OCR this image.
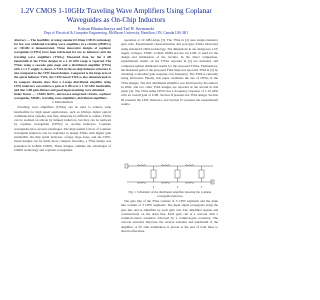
1.2V CMOS 1-10GHz Traveling Wave Amplifiers Using Coplanar
Waveguides as On-Chip Inductors
Kalyan Bhattacharyya and Tad H. Szymanski
Dept of Electrical & Computer Engineering, McMaster University, Hamilton, ON, Canada L8S 4K1

Abstract — The feasibility of using standard 0.18um CMOS technology for low cost wideband traveling wave amplifiers in a circuits (MMICs) at ~10GHz is demonstrated. Three innovative designs of coplanar waveguides (CPWs) have been fabricated for use as inductors and the traveling wave amplifiers (TWAs). Measured data for the 3 dB bandwidth of the TWAs designs in a 1-10 GHz range is reported. The TWAs using a cascode gain stage and a distributed amplifier (TWA) with a 1.2 V supply is shown. A TWA in the on-chip inductor structure is also compared to the CPW-based designs. Compared to the large area of the spiral inductor TWA, the CPW-based TWA is also demonstrated to be compact. Results show that a 3-stage distributed amplifier using CPW inductors can achieve a gain of 6 dB over a 1-10 GHz bandwidth, and that 3 dB gain flatness and good input matching were obtained.

Index Terms — CMOS RFIC, microwave integrated circuits, coplanar waveguides, MMIC, traveling wave amplifiers, distributed amplifiers.

I. Introduction

Traveling wave amplifiers (TWAs) can be used to achieve wide bandwidths for high speed applications, such as 10Gbps digital optical communication systems, that may otherwise be difficult to realize. TWAs can be realized on silicon by lumped inductors; but they can be replaced by coplanar waveguides (CPWs) as on-chip inductors. Coplanar waveguides have several advantages. The high quality factors of coplanar waveguide inductors can be exploited to design TWAs with higher gain bandwidth. On-chip spiral inductors occupy large areas, and the CPW-based designs can be made more compact. Recently, a TWA design was presented in 0.18um CMOS. These designs combine the advantages of CMOS technology and coplanar waveguides.

operation at 10 GHz-Gbps [3]. The TWA in [2] uses single-transistor gain cells. Experimental characterization and prototype TWAs fabricated using standard 0.18um technology. The dimensions in our design use 1.2V supply voltages. TSMC 0.18um 1P6M process via CMC is used for the design and simulations of the circuits. In the direct comparison, experimental results on the TWAs reported in [2] are included, and compared against simulated results for the proposed TWAs. Furthermore, the measured gain of the proposed TWA improves upon the TWA in [2] by obtaining a smoother gain response over frequency. The TWA is currently being fabricated. Finally, this paper examines the use of CPWs in the TWA designs. The first distributed amplifier was fabricated by the authors in 2004, and two other TWA designs are reported as the second in this paper [4]. The TWA using CPWs has a frequency response of 1-10 GHz with an overall gain of 6 dB. Section II presents the TWA design, Section III presents the CPW inductors, and Section IV presents the experimental results.

Fig. 1. Schematic of the distributed amplifier showing the coplanar waveguide inductors

The gate line of the TWA consists of 3 CPW segments and the drain line consists of 3 CPW segments. The input signal propagates along the gate line and is amplified by each gain cell. The amplified signals add constructively on the drain line. Each gain cell is a cascode with a common-source transistor followed by a common-gate transistor. The cascode structure improves the reverse isolation and bandwidth of the amplifier. A 50 ohm termination is placed at the end of both lines to absorb reflections.
